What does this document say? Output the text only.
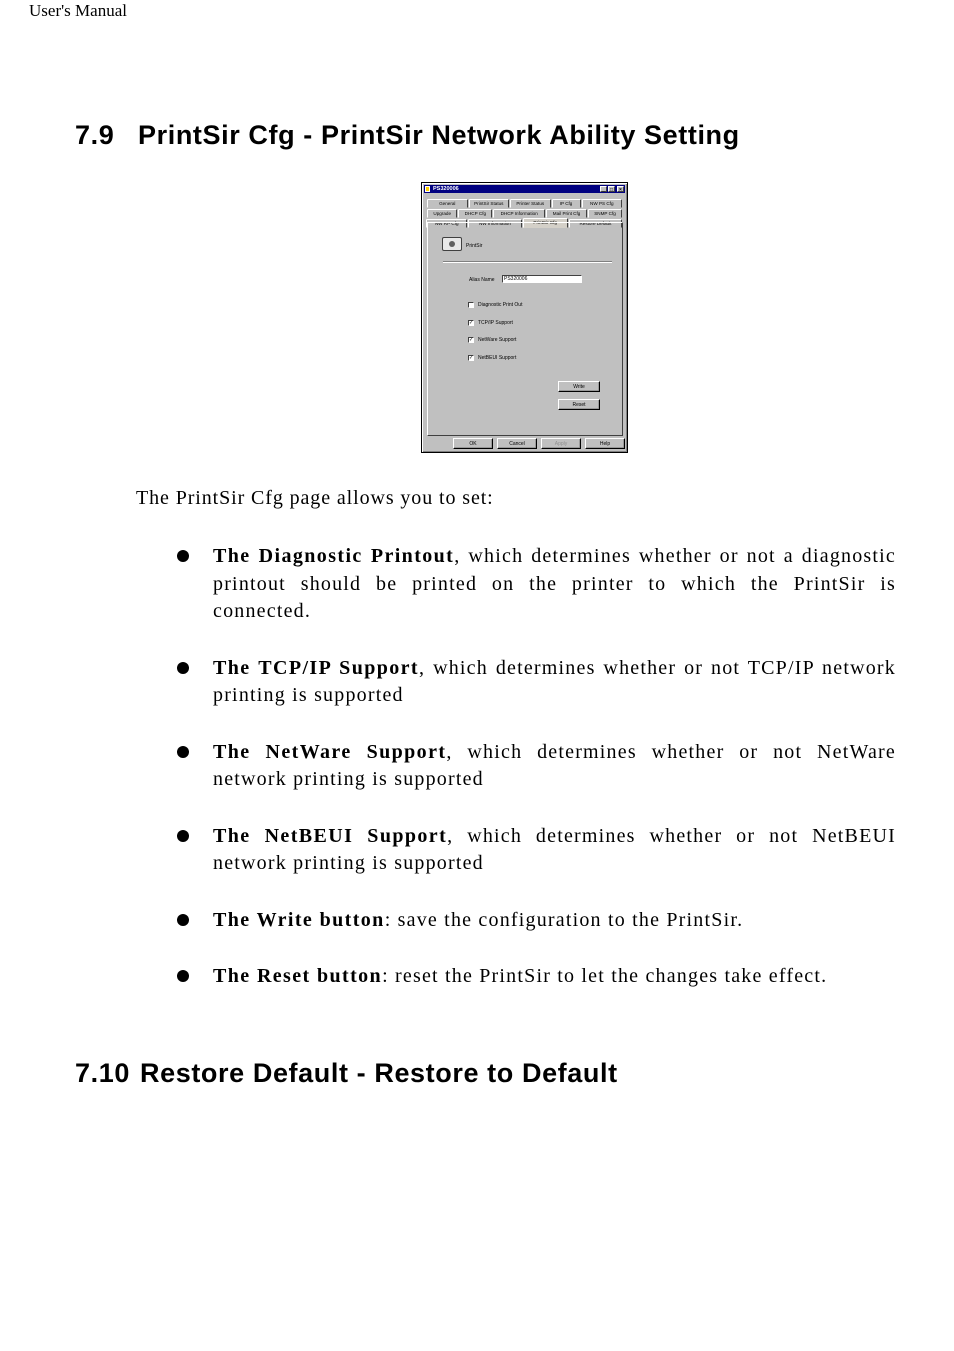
User's Manual
7.9 PrintSir Cfg - PrintSir Network Ability Setting
PS320006	_	□	×
General	PrintSir Status	Printer Status	IP Cfg	NW PS Cfg
Upgrade	DHCP Cfg	DHCP Information	Mail Print Cfg	SNMP Cfg
NW RP Cfg	NW Information	PrintSir Cfg	Restore Default
PrintSir
Alias Name	PS320006
Diagnostic Print Out
✓ TCP/IP Support
✓ NetWare Support
✓ NetBEUI Support
Write
Reset
OK	Cancel	Apply	Help

The PrintSir Cfg page allows you to set:

The Diagnostic Printout, which determines whether or not a diagnostic printout should be printed on the printer to which the PrintSir is connected.
The TCP/IP Support, which determines whether or not TCP/IP network printing is supported
The NetWare Support, which determines whether or not NetWare network printing is supported
The NetBEUI Support, which determines whether or not NetBEUI network printing is supported
The Write button: save the configuration to the PrintSir.
The Reset button: reset the PrintSir to let the changes take effect.
7.10 Restore Default - Restore to Default
